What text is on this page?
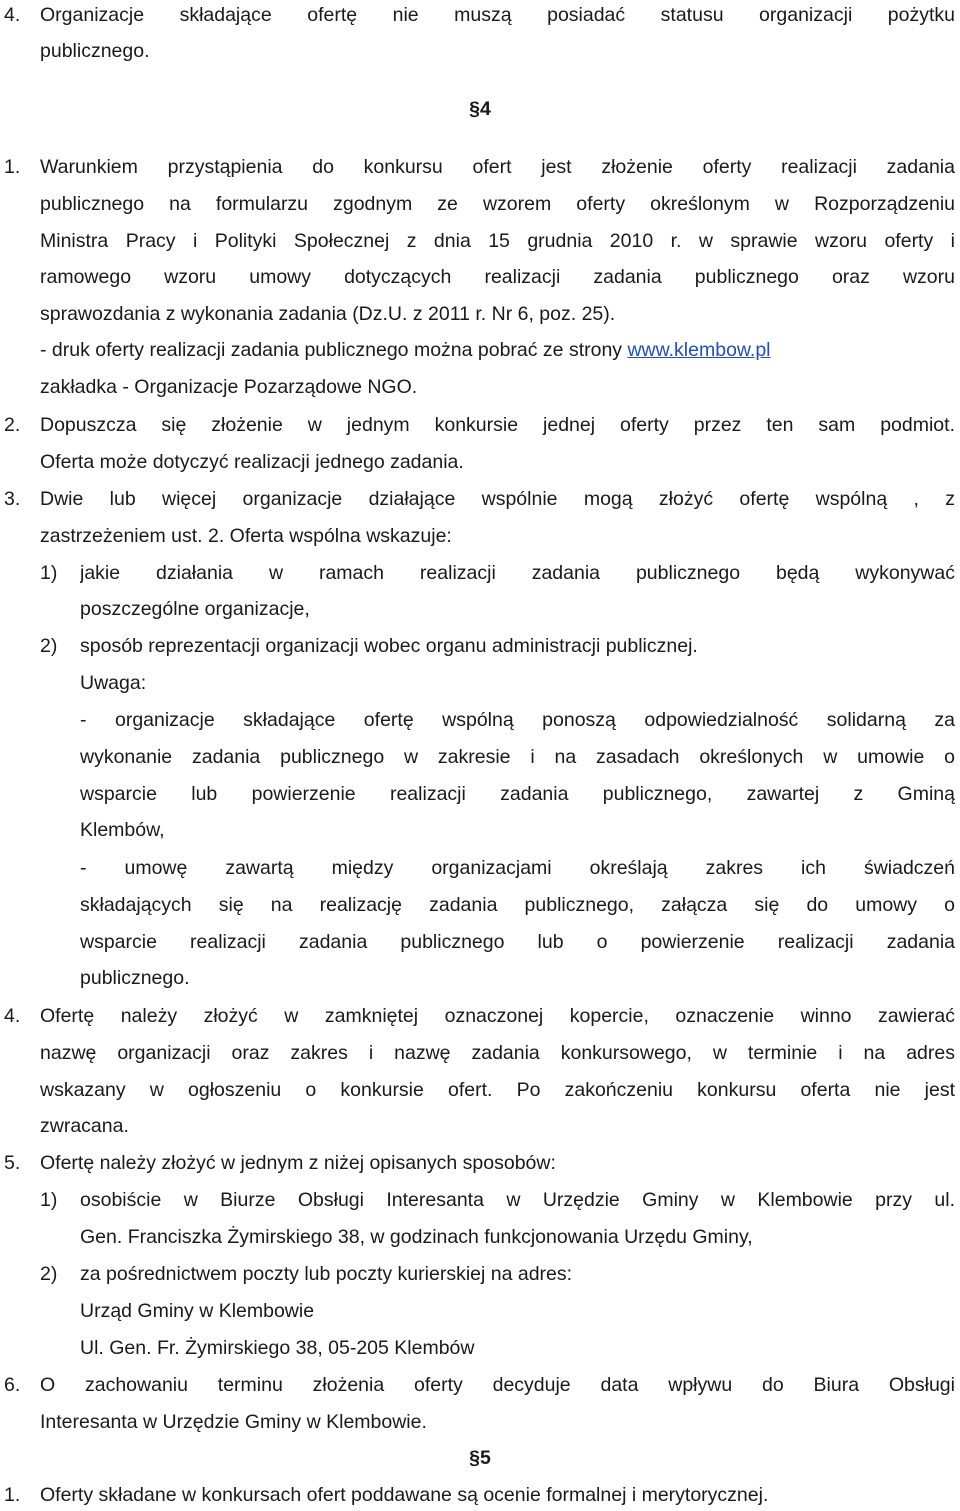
4.	Organizacje składające ofertę nie muszą posiadać statusu organizacji pożytku
publicznego.
§4
1.	Warunkiem przystąpienia do konkursu ofert jest złożenie oferty realizacji zadania
publicznego na formularzu zgodnym ze wzorem oferty określonym w Rozporządzeniu
Ministra Pracy i Polityki Społecznej z dnia 15 grudnia 2010 r. w sprawie wzoru oferty i
ramowego wzoru umowy dotyczących realizacji zadania publicznego oraz wzoru
sprawozdania z wykonania zadania (Dz.U. z 2011 r. Nr 6, poz. 25).
- druk oferty realizacji zadania publicznego można pobrać ze strony www.klembow.pl
zakładka - Organizacje Pozarządowe NGO.
2.	Dopuszcza się złożenie w jednym konkursie jednej oferty przez ten sam podmiot.
Oferta może dotyczyć realizacji jednego zadania.
3.	Dwie lub więcej organizacje działające wspólnie mogą złożyć ofertę wspólną , z
zastrzeżeniem ust. 2. Oferta wspólna wskazuje:
1)	jakie działania w ramach realizacji zadania publicznego będą wykonywać
poszczególne organizacje,
2)	sposób reprezentacji organizacji wobec organu administracji publicznej.
Uwaga:
- organizacje składające ofertę wspólną ponoszą odpowiedzialność solidarną za
wykonanie zadania publicznego w zakresie i na zasadach określonych w umowie o
wsparcie lub powierzenie realizacji zadania publicznego, zawartej z Gminą
Klembów,
- umowę zawartą między organizacjami określają zakres ich świadczeń
składających się na realizację zadania publicznego, załącza się do umowy o
wsparcie realizacji zadania publicznego lub o powierzenie realizacji zadania
publicznego.
4.	Ofertę należy złożyć w zamkniętej oznaczonej kopercie, oznaczenie winno zawierać
nazwę organizacji oraz zakres i nazwę zadania konkursowego, w terminie i na adres
wskazany w ogłoszeniu o konkursie ofert. Po zakończeniu konkursu oferta nie jest
zwracana.
5.	Ofertę należy złożyć w jednym z niżej opisanych sposobów:
1)	osobiście w Biurze Obsługi Interesanta w Urzędzie Gminy w Klembowie przy ul.
Gen. Franciszka Żymirskiego 38, w godzinach funkcjonowania Urzędu Gminy,
2)	za pośrednictwem poczty lub poczty kurierskiej na adres:
Urząd Gminy w Klembowie
Ul. Gen. Fr. Żymirskiego 38, 05-205 Klembów
6.	O zachowaniu terminu złożenia oferty decyduje data wpływu do Biura Obsługi
Interesanta w Urzędzie Gminy w Klembowie.
§5
1.	Oferty składane w konkursach ofert poddawane są ocenie formalnej i merytorycznej.
